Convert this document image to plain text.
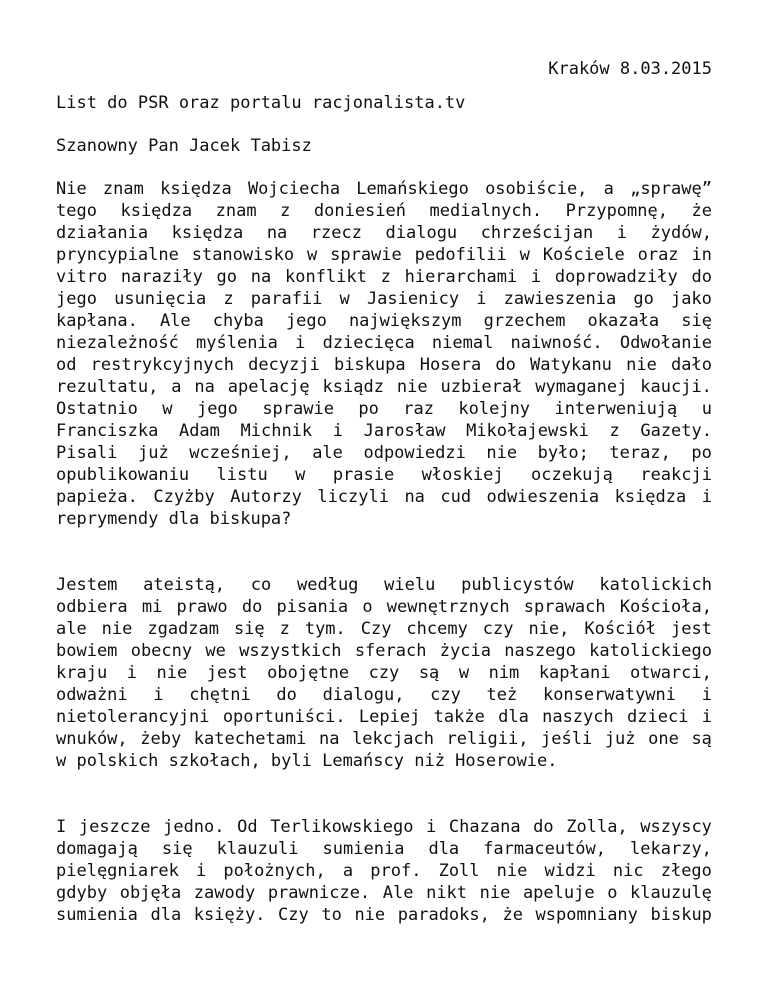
Kraków 8.03.2015
List do PSR oraz portalu racjonalista.tv
Szanowny Pan Jacek Tabisz
Nie znam księdza Wojciecha Lemańskiego osobiście, a „sprawę”
tego księdza znam z doniesień medialnych. Przypomnę, że
działania księdza na rzecz dialogu chrześcijan i żydów,
pryncypialne stanowisko w sprawie pedofilii w Kościele oraz in
vitro naraziły go na konflikt z hierarchami i doprowadziły do
jego usunięcia z parafii w Jasienicy i zawieszenia go jako
kapłana. Ale chyba jego największym grzechem okazała się
niezależność myślenia i dziecięca niemal naiwność. Odwołanie
od restrykcyjnych decyzji biskupa Hosera do Watykanu nie dało
rezultatu, a na apelację ksiądz nie uzbierał wymaganej kaucji.
Ostatnio w jego sprawie po raz kolejny interweniują u
Franciszka Adam Michnik i Jarosław Mikołajewski z Gazety.
Pisali już wcześniej, ale odpowiedzi nie było; teraz, po
opublikowaniu listu w prasie włoskiej oczekują reakcji
papieża. Czyżby Autorzy liczyli na cud odwieszenia księdza i
reprymendy dla biskupa?
Jestem ateistą, co według wielu publicystów katolickich
odbiera mi prawo do pisania o wewnętrznych sprawach Kościoła,
ale nie zgadzam się z tym. Czy chcemy czy nie, Kościół jest
bowiem obecny we wszystkich sferach życia naszego katolickiego
kraju i nie jest obojętne czy są w nim kapłani otwarci,
odważni i chętni do dialogu, czy też konserwatywni i
nietolerancyjni oportuniści. Lepiej także dla naszych dzieci i
wnuków, żeby katechetami na lekcjach religii, jeśli już one są
w polskich szkołach, byli Lemańscy niż Hoserowie.
I jeszcze jedno. Od Terlikowskiego i Chazana do Zolla, wszyscy
domagają się klauzuli sumienia dla farmaceutów, lekarzy,
pielęgniarek i położnych, a prof. Zoll nie widzi nic złego
gdyby objęła zawody prawnicze. Ale nikt nie apeluje o klauzulę
sumienia dla księży. Czy to nie paradoks, że wspomniany biskup
